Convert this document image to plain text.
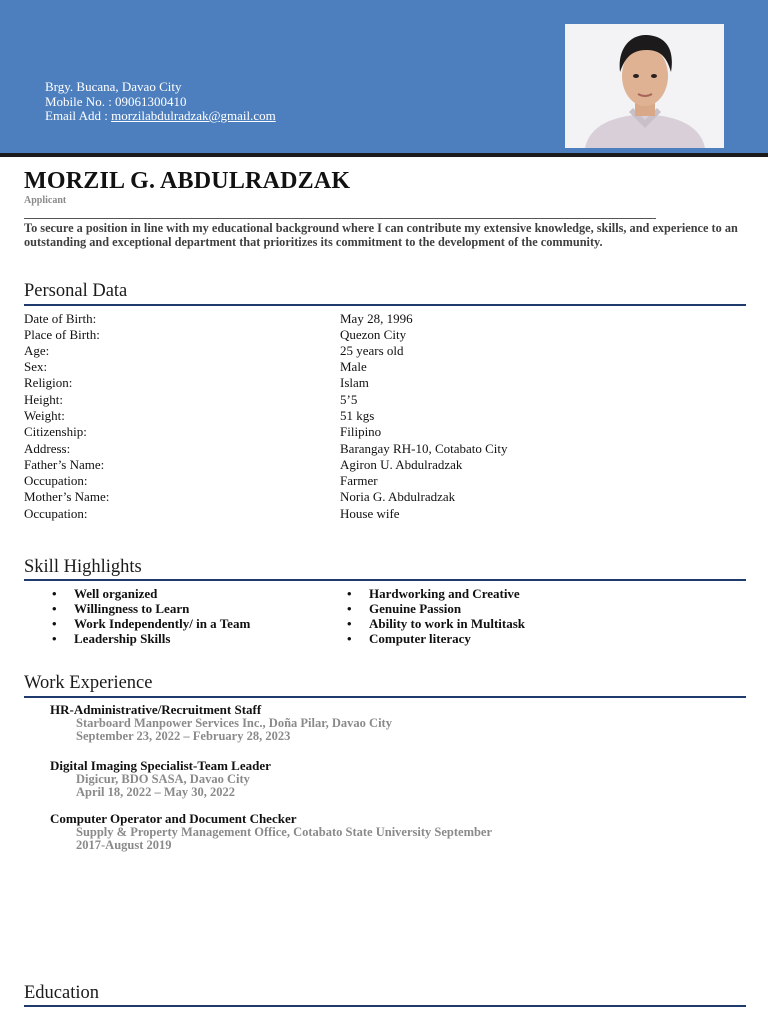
Brgy. Bucana, Davao City
Mobile No. : 09061300410
Email Add : morzilabdulradzak@gmail.com
MORZIL G. ABDULRADZAK
Applicant
To secure a position in line with my educational background where I can contribute my extensive knowledge, skills, and experience to an outstanding and exceptional department that prioritizes its commitment to the development of the community.
Personal Data
Date of Birth:	May 28, 1996
Place of Birth:	Quezon City
Age:	25 years old
Sex:	Male
Religion:	Islam
Height:	5’5
Weight:	51 kgs
Citizenship:	Filipino
Address:	Barangay RH-10, Cotabato City
Father’s Name:	Agiron U. Abdulradzak
Occupation:	Farmer
Mother’s Name:	Noria G. Abdulradzak
Occupation:	House wife
Skill Highlights
• Well organized
• Willingness to Learn
• Work Independently/ in a Team
• Leadership Skills
• Hardworking and Creative
• Genuine Passion
• Ability to work in Multitask
• Computer literacy
Work Experience
HR-Administrative/Recruitment Staff
Starboard Manpower Services Inc., Doña Pilar, Davao City
September 23, 2022 – February 28, 2023
Digital Imaging Specialist-Team Leader
Digicur, BDO SASA, Davao City
April 18, 2022 – May 30, 2022
Computer Operator and Document Checker
Supply & Property Management Office, Cotabato State University September
2017-August 2019
Education
